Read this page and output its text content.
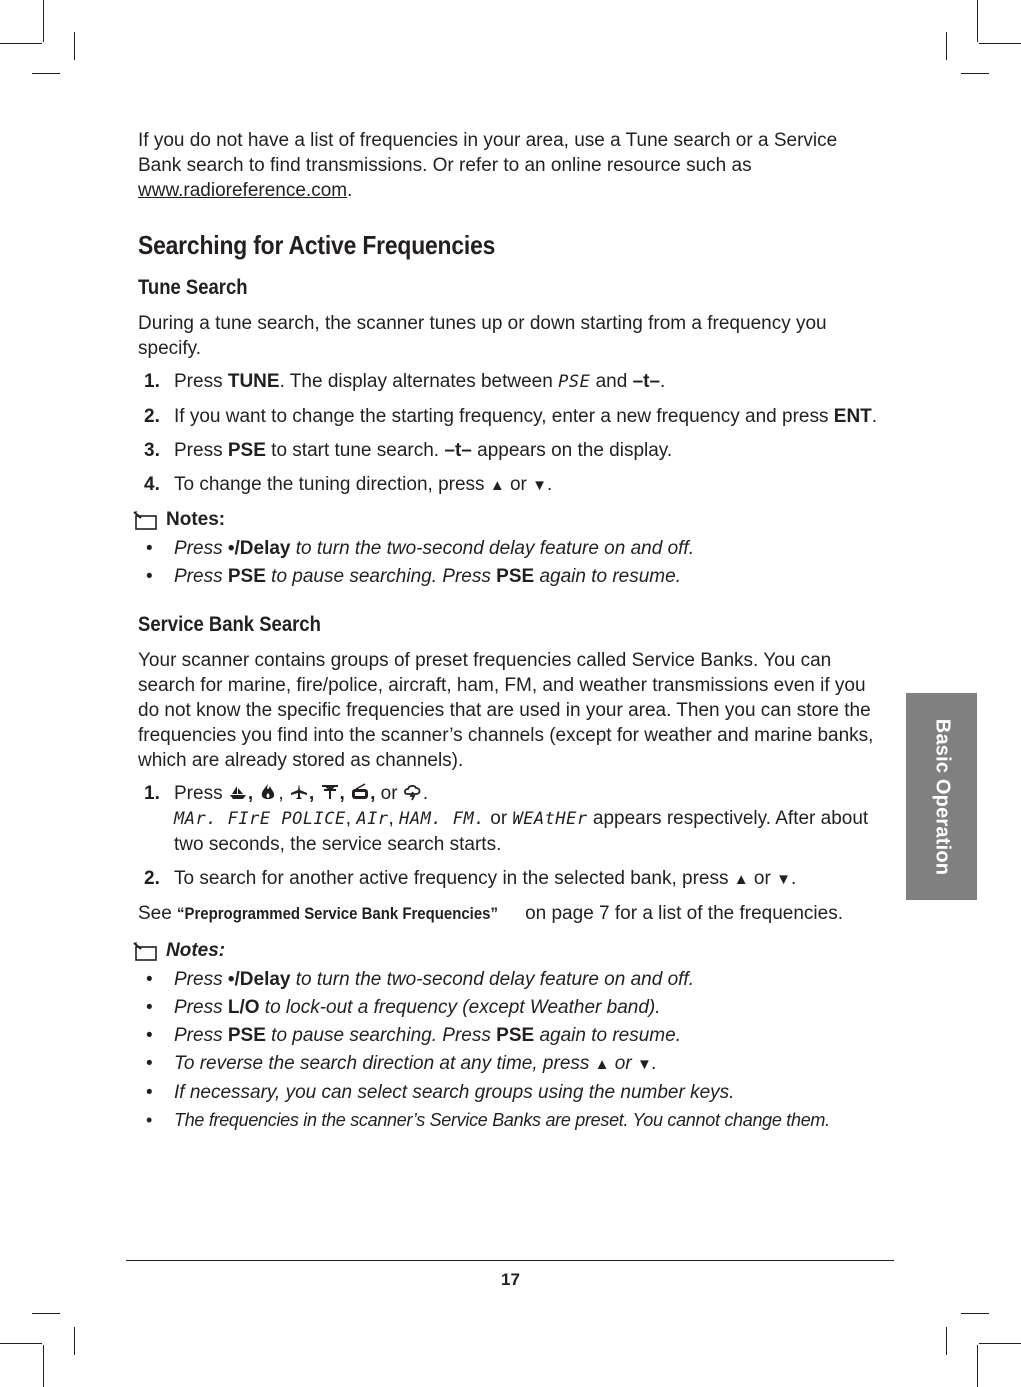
If you do not have a list of frequencies in your area, use a Tune search or a Service Bank search to find transmissions. Or refer to an online resource such as www.radioreference.com.

Searching for Active Frequencies
Tune Search

During a tune search, the scanner tunes up or down starting from a frequency you specify.

1. Press TUNE. The display alternates between PSE and –t–.
2. If you want to change the starting frequency, enter a new frequency and press ENT.
3. Press PSE to start tune search. –t– appears on the display.
4. To change the tuning direction, press ▲ or ▼.
Notes:
• Press •/Delay to turn the two-second delay feature on and off.
• Press PSE to pause searching. Press PSE again to resume.
Service Bank Search

Your scanner contains groups of preset frequencies called Service Banks. You can search for marine, fire/police, aircraft, ham, FM, and weather transmissions even if you do not know the specific frequencies that are used in your area. Then you can store the frequencies you find into the scanner’s channels (except for weather and marine banks, which are already stored as channels).

1. Press , , , , , or .
MAr. FIrE POLICE, AIr, HAM. FM. or WEAtHEr appears respectively. After about two seconds, the service search starts.
2. To search for another active frequency in the selected bank, press ▲ or ▼.

See “Preprogrammed Service Bank Frequencies” on page 7 for a list of the frequencies.

Notes:
• Press •/Delay to turn the two-second delay feature on and off.
• Press L/O to lock-out a frequency (except Weather band).
• Press PSE to pause searching. Press PSE again to resume.
• To reverse the search direction at any time, press ▲ or ▼.
• If necessary, you can select search groups using the number keys.
• The frequencies in the scanner’s Service Banks are preset. You cannot change them.
Basic Operation
17
